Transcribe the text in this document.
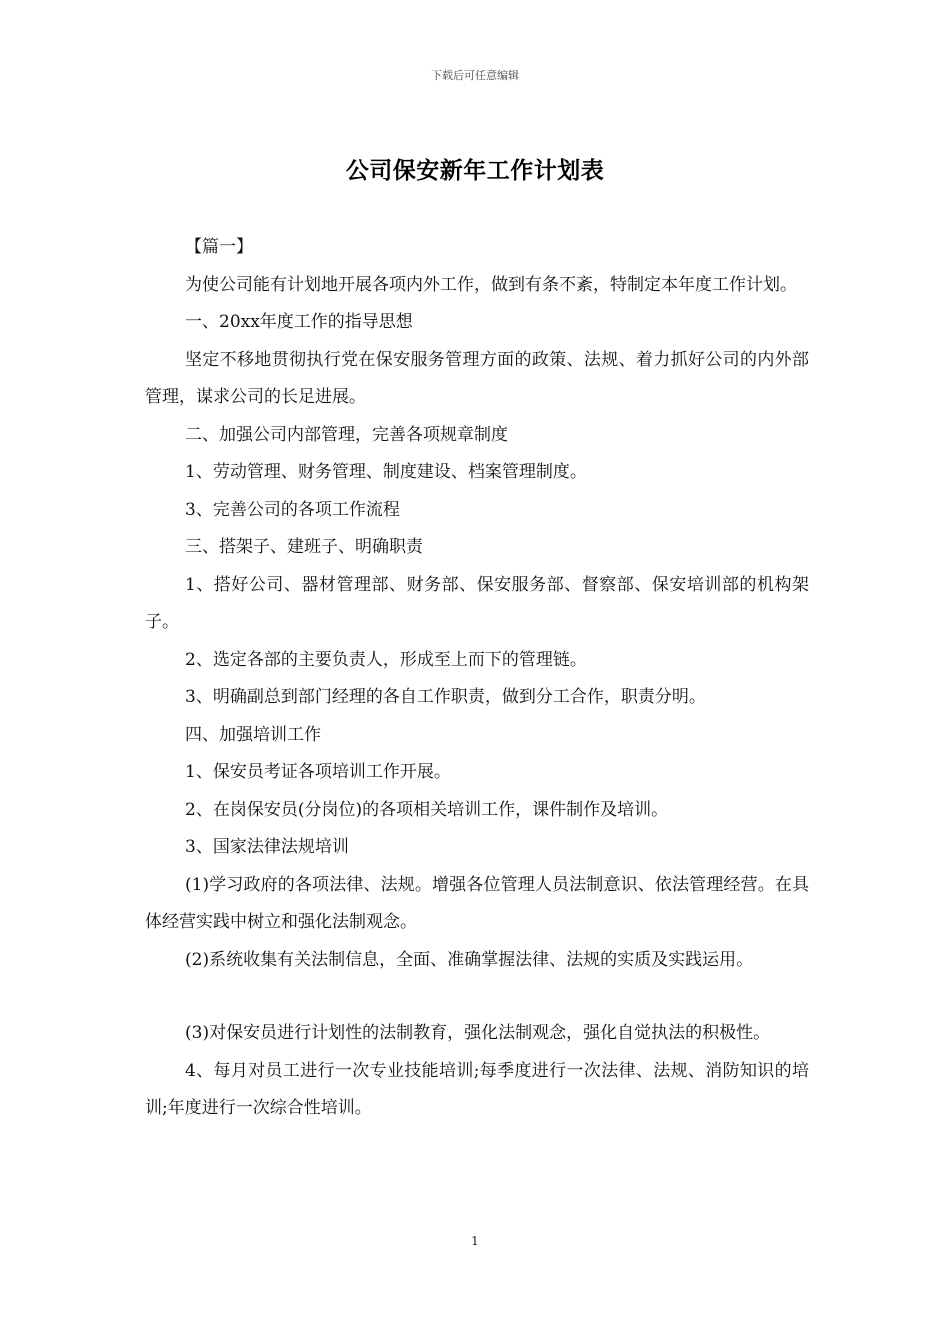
下载后可任意编辑
公司保安新年工作计划表

【篇一】

为使公司能有计划地开展各项内外工作，做到有条不紊，特制定本年度工作计划。

一、20xx年度工作的指导思想

坚定不移地贯彻执行党在保安服务管理方面的政策、法规、着力抓好公司的内外部管理，谋求公司的长足进展。

二、加强公司内部管理，完善各项规章制度

1、劳动管理、财务管理、制度建设、档案管理制度。

3、完善公司的各项工作流程

三、搭架子、建班子、明确职责

1、搭好公司、器材管理部、财务部、保安服务部、督察部、保安培训部的机构架子。

2、选定各部的主要负责人，形成至上而下的管理链。

3、明确副总到部门经理的各自工作职责，做到分工合作，职责分明。

四、加强培训工作

1、保安员考证各项培训工作开展。

2、在岗保安员(分岗位)的各项相关培训工作，课件制作及培训。

3、国家法律法规培训

(1)学习政府的各项法律、法规。增强各位管理人员法制意识、依法管理经营。在具体经营实践中树立和强化法制观念。

(2)系统收集有关法制信息，全面、准确掌握法律、法规的实质及实践运用。

(3)对保安员进行计划性的法制教育，强化法制观念，强化自觉执法的积极性。

4、每月对员工进行一次专业技能培训;每季度进行一次法律、法规、消防知识的培训;年度进行一次综合性培训。

1
